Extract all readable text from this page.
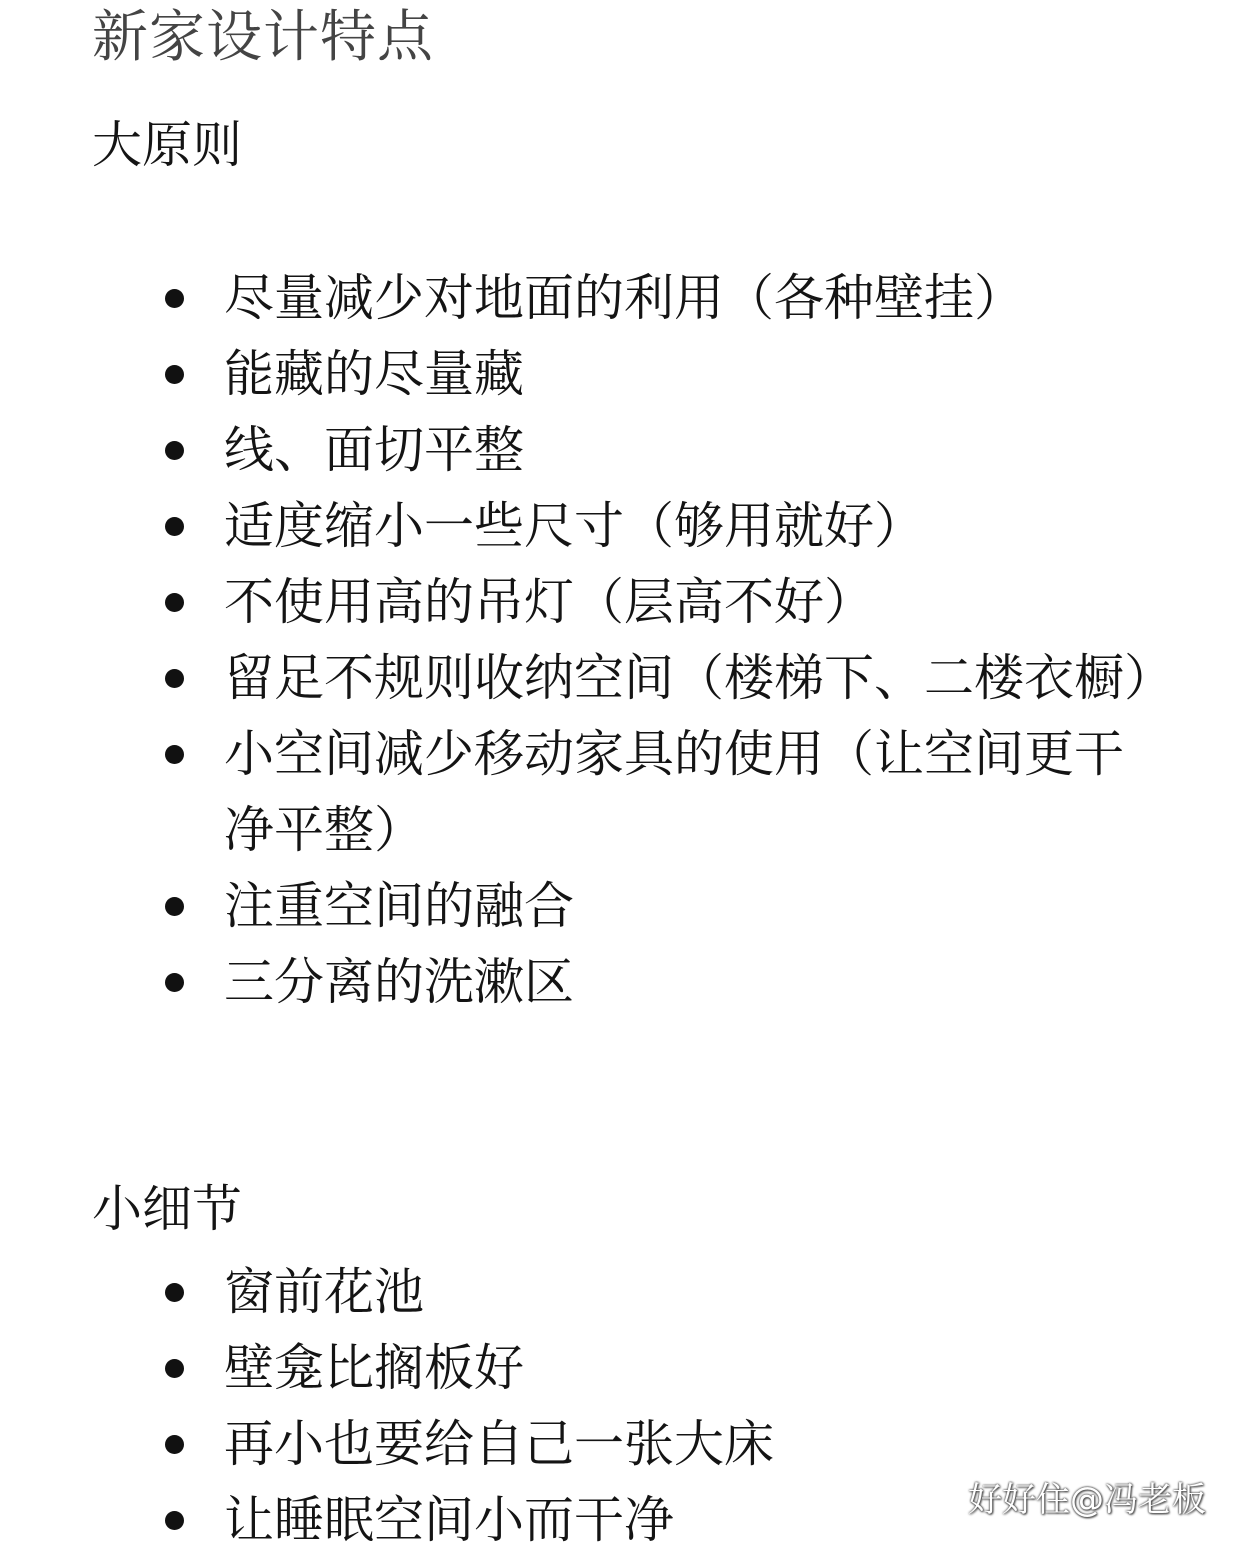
新家设计特点
大原则
尽量减少对地面的利用（各种壁挂）
能藏的尽量藏
线、面切平整
适度缩小一些尺寸（够用就好）
不使用高的吊灯（层高不好）
留足不规则收纳空间（楼梯下、二楼衣橱）
小空间减少移动家具的使用（让空间更干净平整）
注重空间的融合
三分离的洗漱区
小细节
窗前花池
壁龛比搁板好
再小也要给自己一张大床
让睡眠空间小而干净	好好住@冯老板
